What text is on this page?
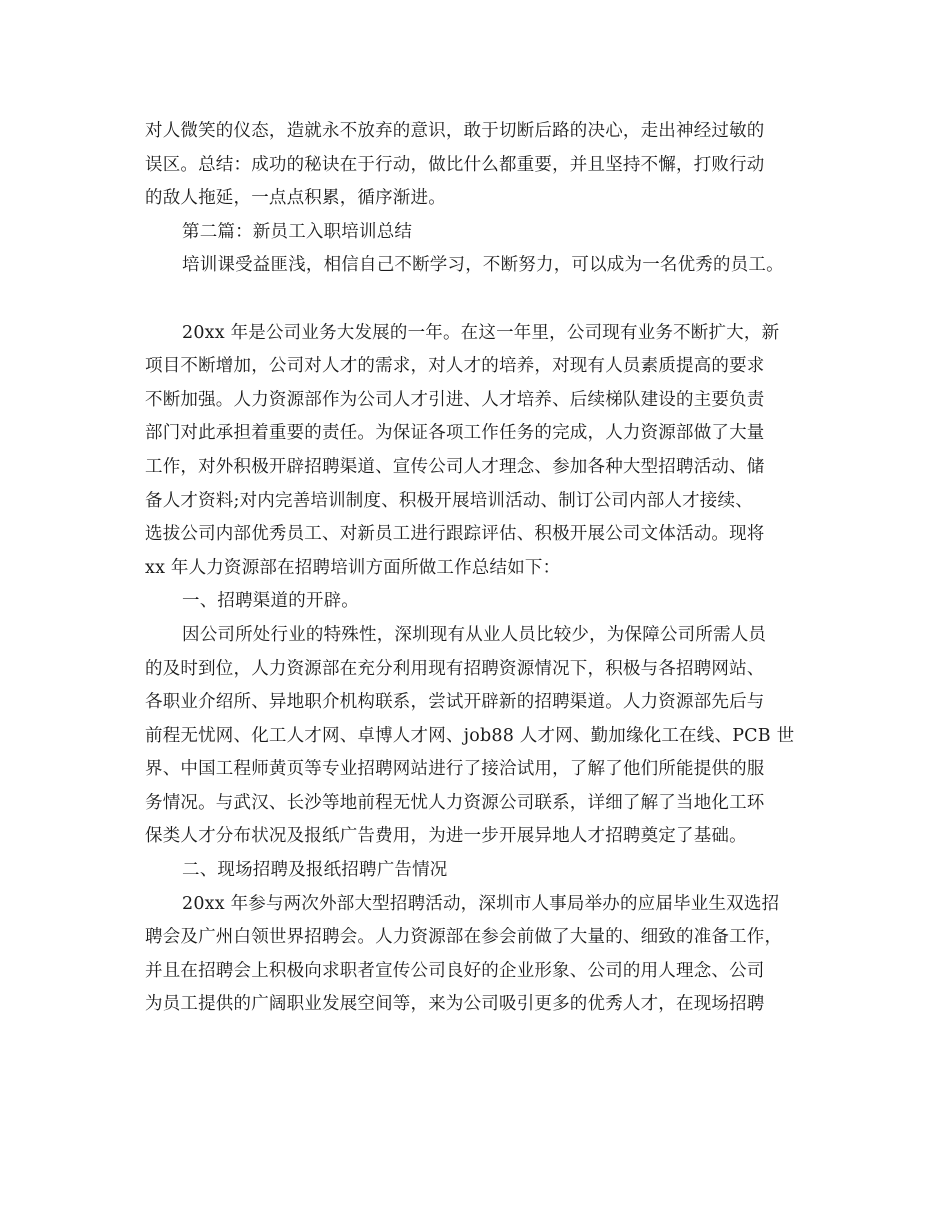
对人微笑的仪态，造就永不放弃的意识，敢于切断后路的决心，走出神经过敏的
误区。总结：成功的秘诀在于行动，做比什么都重要，并且坚持不懈，打败行动
的敌人拖延，一点点积累，循序渐进。
第二篇：新员工入职培训总结
培训课受益匪浅，相信自己不断学习，不断努力，可以成为一名优秀的员工。
20xx 年是公司业务大发展的一年。在这一年里，公司现有业务不断扩大，新
项目不断增加，公司对人才的需求，对人才的培养，对现有人员素质提高的要求
不断加强。人力资源部作为公司人才引进、人才培养、后续梯队建设的主要负责
部门对此承担着重要的责任。为保证各项工作任务的完成，人力资源部做了大量
工作，对外积极开辟招聘渠道、宣传公司人才理念、参加各种大型招聘活动、储
备人才资料;对内完善培训制度、积极开展培训活动、制订公司内部人才接续、
选拔公司内部优秀员工、对新员工进行跟踪评估、积极开展公司文体活动。现将
xx 年人力资源部在招聘培训方面所做工作总结如下：
一、招聘渠道的开辟。
因公司所处行业的特殊性，深圳现有从业人员比较少，为保障公司所需人员
的及时到位，人力资源部在充分利用现有招聘资源情况下，积极与各招聘网站、
各职业介绍所、异地职介机构联系，尝试开辟新的招聘渠道。人力资源部先后与
前程无忧网、化工人才网、卓博人才网、job88 人才网、勤加缘化工在线、PCB 世
界、中国工程师黄页等专业招聘网站进行了接洽试用，了解了他们所能提供的服
务情况。与武汉、长沙等地前程无忧人力资源公司联系，详细了解了当地化工环
保类人才分布状况及报纸广告费用，为进一步开展异地人才招聘奠定了基础。
二、现场招聘及报纸招聘广告情况
20xx 年参与两次外部大型招聘活动，深圳市人事局举办的应届毕业生双选招
聘会及广州白领世界招聘会。人力资源部在参会前做了大量的、细致的准备工作，
并且在招聘会上积极向求职者宣传公司良好的企业形象、公司的用人理念、公司
为员工提供的广阔职业发展空间等，来为公司吸引更多的优秀人才，在现场招聘
